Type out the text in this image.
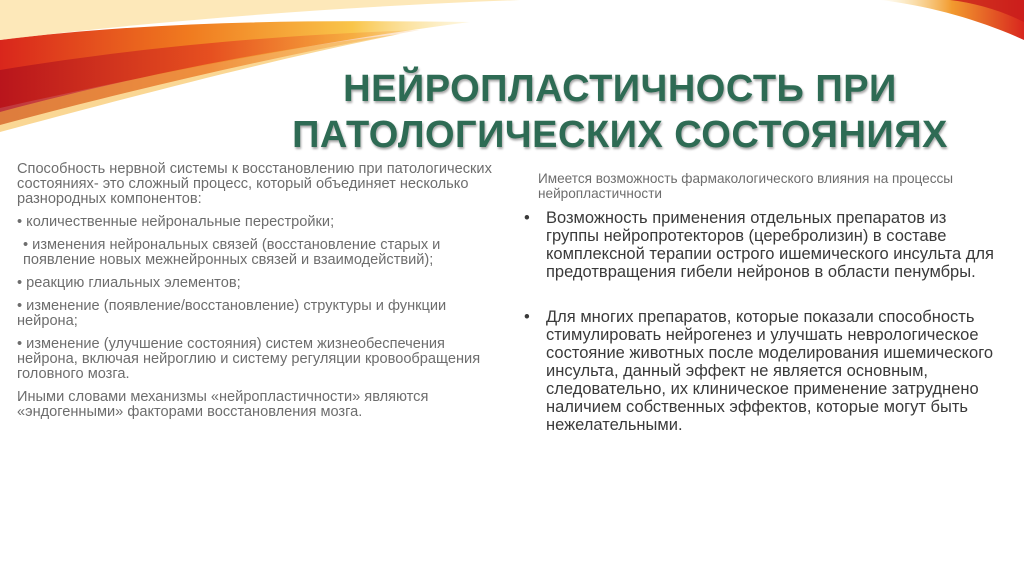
НЕЙРОПЛАСТИЧНОСТЬ ПРИ
ПАТОЛОГИЧЕСКИХ СОСТОЯНИЯХ

Способность нервной системы к восстановлению при патологических состояниях- это сложный процесс, который объединяет несколько разнородных компонентов:

• количественные нейрональные перестройки;

• изменения нейрональных связей (восстановление старых и появление новых межнейронных связей и взаимодействий);

• реакцию глиальных элементов;

• изменение (появление/восстановление) структуры и функции нейрона;

• изменение (улучшение состояния) систем жизнеобеспечения нейрона, включая нейроглию и систему регуляции кровообращения головного мозга.

Иными словами механизмы «нейропластичности» являются «эндогенными» факторами восстановления мозга.

Имеется возможность фармакологического влияния на процессы нейропластичности

• Возможность применения отдельных препаратов из группы нейропротекторов (церебролизин) в составе комплексной терапии острого ишемического инсульта для предотвращения гибели нейронов в области пенумбры.
• Для многих препаратов, которые показали способность стимулировать нейрогенез и улучшать неврологическое состояние животных после моделирования ишемического инсульта, данный эффект не является основным, следовательно, их клиническое применение затруднено наличием собственных эффектов, которые могут быть нежелательными.
